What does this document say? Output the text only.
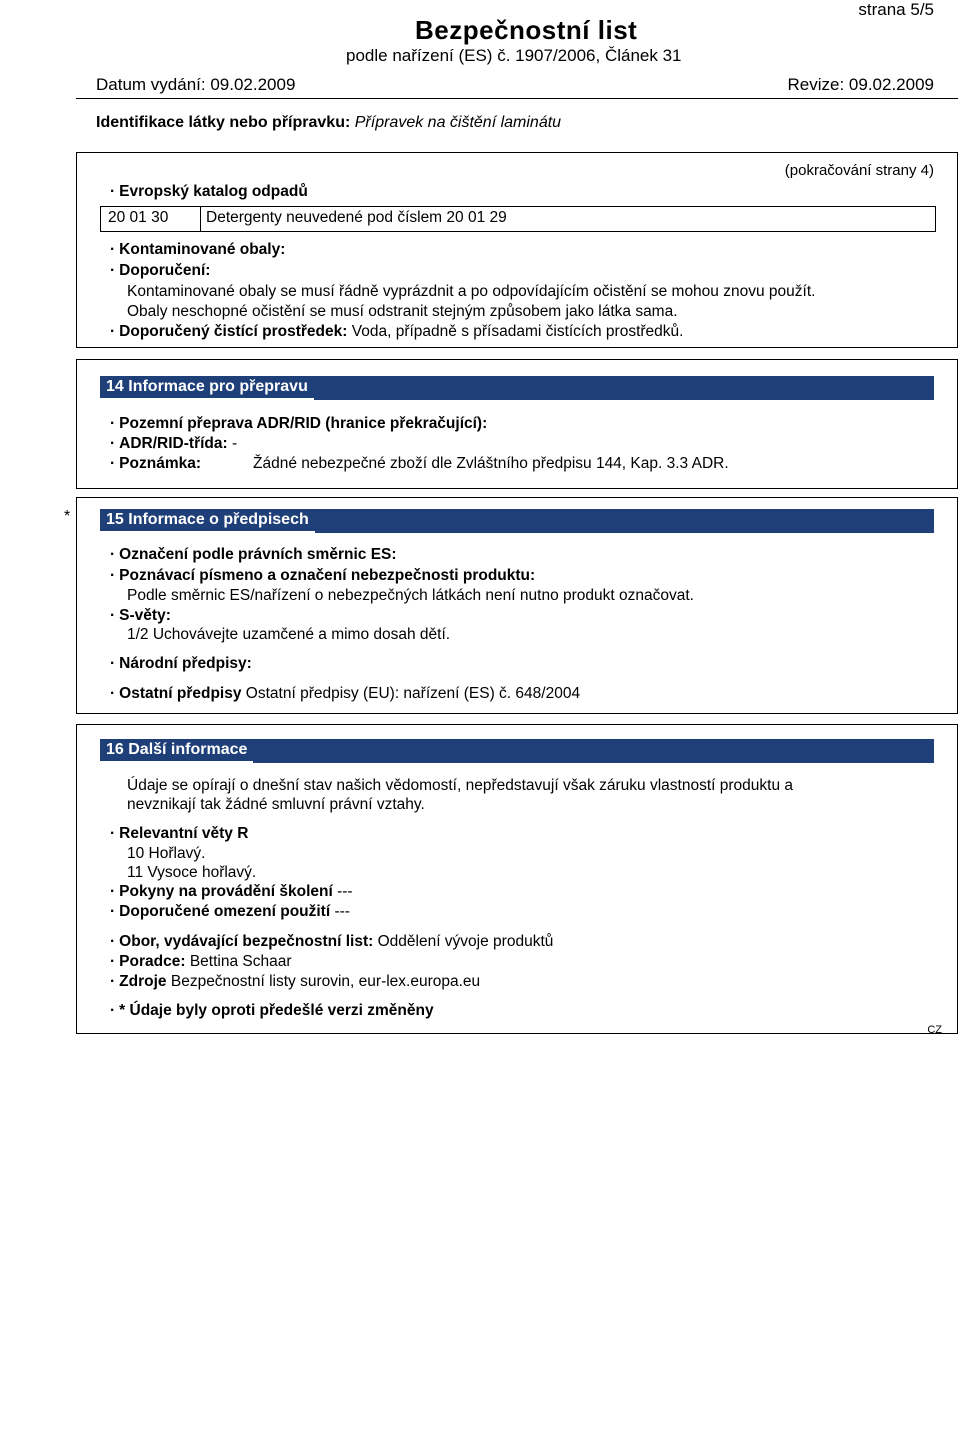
strana 5/5
Bezpečnostní list
podle nařízení (ES) č. 1907/2006, Článek 31
Datum vydání: 09.02.2009	Revize: 09.02.2009
Identifikace látky nebo přípravku: Přípravek na čištění laminátu
(pokračování strany 4)
· Evropský katalog odpadů
20 01 30 Detergenty neuvedené pod číslem 20 01 29
· Kontaminované obaly:
· Doporučení:
Kontaminované obaly se musí řádně vyprázdnit a po odpovídajícím očistění se mohou znovu použít.
Obaly neschopné očistění se musí odstranit stejným způsobem jako látka sama.
· Doporučený čistící prostředek: Voda, případně s přísadami čistících prostředků.
14 Informace pro přepravu
· Pozemní přeprava ADR/RID (hranice překračující):
· ADR/RID-třída: -
· Poznámka:	Žádné nebezpečné zboží dle Zvláštního předpisu 144, Kap. 3.3 ADR.
*	15 Informace o předpisech
· Označení podle právních směrnic ES:
· Poznávací písmeno a označení nebezpečnosti produktu:
Podle směrnic ES/nařízení o nebezpečných látkách není nutno produkt označovat.
· S-věty:
1/2 Uchovávejte uzamčené a mimo dosah dětí.
· Národní předpisy:
· Ostatní předpisy Ostatní předpisy (EU): nařízení (ES) č. 648/2004
16 Další informace
Údaje se opírají o dnešní stav našich vědomostí, nepředstavují však záruku vlastností produktu a
nevznikají tak žádné smluvní právní vztahy.
· Relevantní věty R
10 Hořlavý.
11 Vysoce hořlavý.
· Pokyny na provádění školení ---
· Doporučené omezení použití ---
· Obor, vydávající bezpečnostní list: Oddělení vývoje produktů
· Poradce: Bettina Schaar
· Zdroje Bezpečnostní listy surovin, eur-lex.europa.eu
· * Údaje byly oproti předešlé verzi změněny
CZ
